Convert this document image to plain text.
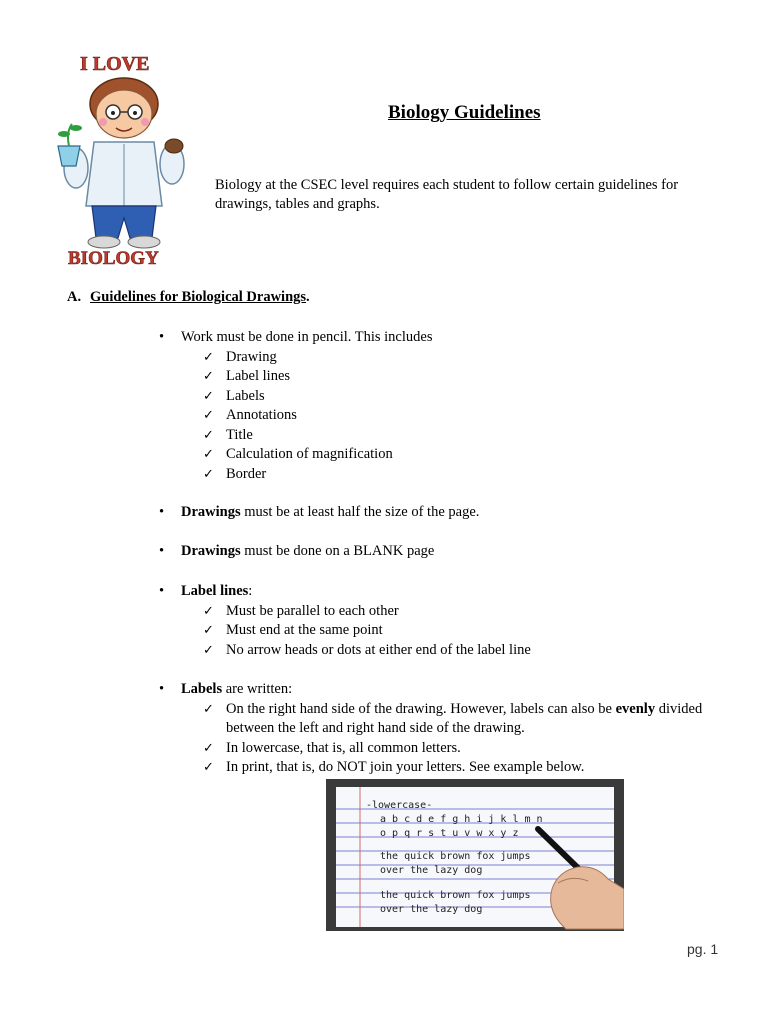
I LOVE
BIOLOGY
Biology Guidelines
Biology at the CSEC level requires each student to follow certain guidelines for drawings, tables and graphs.
A. Guidelines for Biological Drawings.
• Work must be done in pencil. This includes
✓ Drawing
✓ Label lines
✓ Labels
✓ Annotations
✓ Title
✓ Calculation of magnification
✓ Border
• Drawings must be at least half the size of the page.
• Drawings must be done on a BLANK page
• Label lines:
✓ Must be parallel to each other
✓ Must end at the same point
✓ No arrow heads or dots at either end of the label line
• Labels are written:
✓ On the right hand side of the drawing. However, labels can also be evenly divided between the left and right hand side of the drawing.
✓ In lowercase, that is, all common letters.
✓ In print, that is, do NOT join your letters. See example below.
-lowercase-
a b c d e f g h i j k l m n
o p q r s t u v w x y z
the quick brown fox jumps
over the lazy dog
the quick brown fox jumps
over the lazy dog
pg. 1
